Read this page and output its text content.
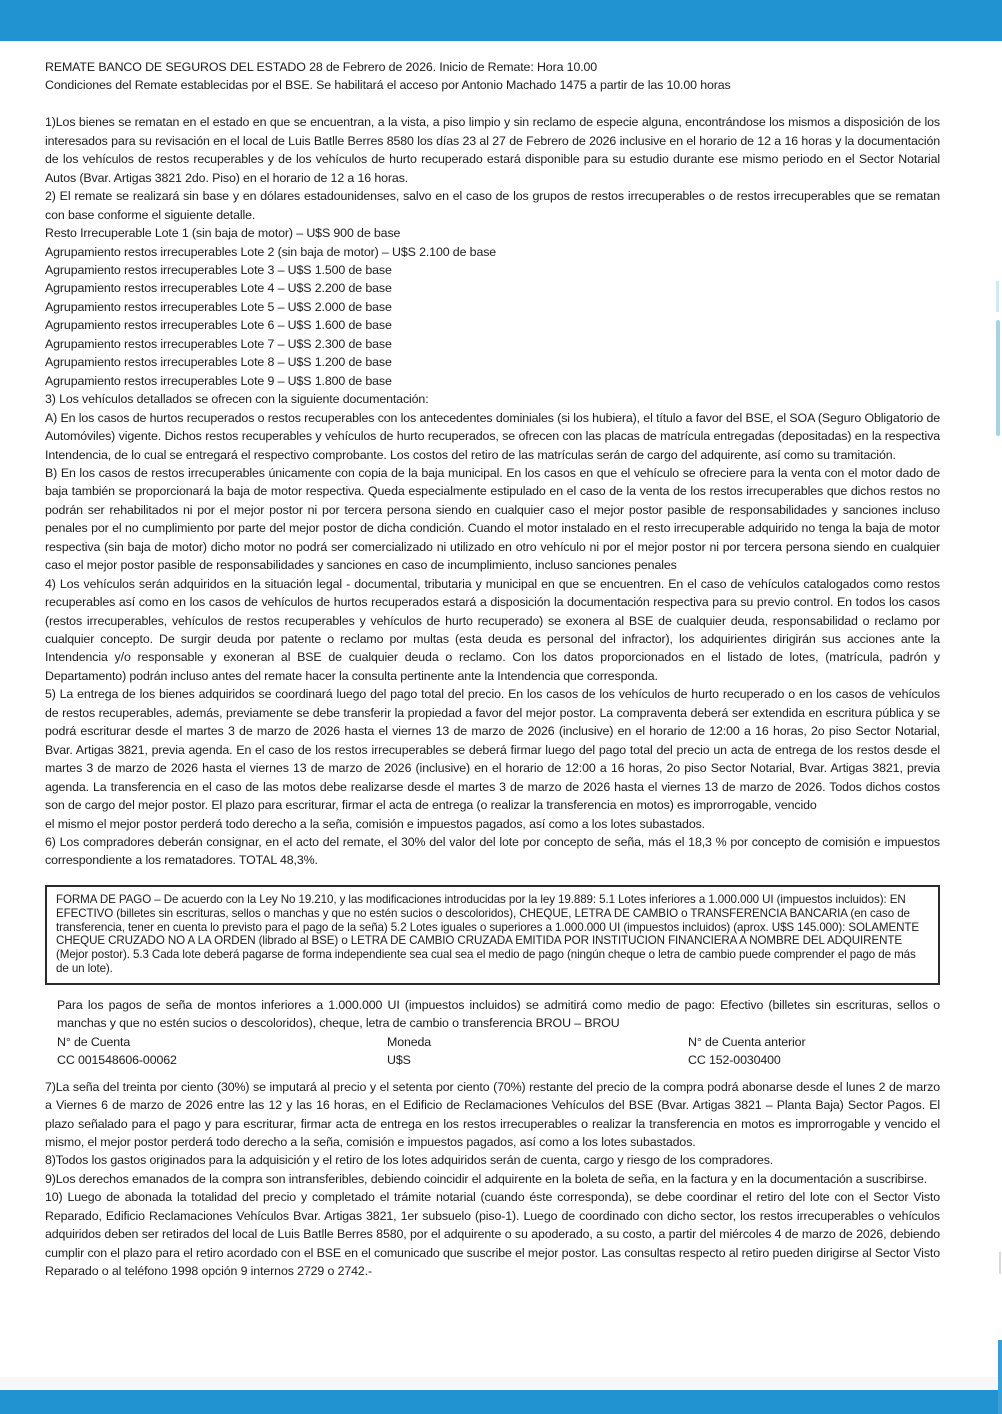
REMATE BANCO DE SEGUROS DEL ESTADO 28 de Febrero de 2026. Inicio de Remate: Hora 10.00
Condiciones del Remate establecidas por el BSE. Se habilitará el acceso por Antonio Machado 1475 a partir de las 10.00 horas
1)Los bienes se rematan en el estado en que se encuentran, a la vista, a piso limpio y sin reclamo de especie alguna, encontrándose los mismos a disposición de los interesados para su revisación en el local de Luis Batlle Berres 8580 los días 23 al 27 de Febrero de 2026 inclusive en el horario de 12 a 16 horas y la documentación de los vehículos de restos recuperables y de los vehículos de hurto recuperado estará disponible para su estudio durante ese mismo periodo en el Sector Notarial Autos (Bvar. Artigas 3821 2do. Piso) en el horario de 12 a 16 horas.
2) El remate se realizará sin base y en dólares estadounidenses, salvo en el caso de los grupos de restos irrecuperables o de restos irrecuperables que se rematan con base conforme el siguiente detalle.
Resto Irrecuperable Lote 1 (sin baja de motor) – U$S 900 de base
Agrupamiento restos irrecuperables Lote 2 (sin baja de motor) – U$S 2.100 de base
Agrupamiento restos irrecuperables Lote 3 – U$S 1.500 de base
Agrupamiento restos irrecuperables Lote 4 – U$S 2.200 de base
Agrupamiento restos irrecuperables Lote 5 – U$S 2.000 de base
Agrupamiento restos irrecuperables Lote 6 – U$S 1.600 de base
Agrupamiento restos irrecuperables Lote 7 – U$S 2.300 de base
Agrupamiento restos irrecuperables Lote 8 – U$S 1.200 de base
Agrupamiento restos irrecuperables Lote 9 – U$S 1.800 de base
3) Los vehículos detallados se ofrecen con la siguiente documentación:
A) En los casos de hurtos recuperados o restos recuperables con los antecedentes dominiales (si los hubiera), el título a favor del BSE, el SOA (Seguro Obligatorio de Automóviles) vigente. Dichos restos recuperables y vehículos de hurto recuperados, se ofrecen con las placas de matrícula entregadas (depositadas) en la respectiva Intendencia, de lo cual se entregará el respectivo comprobante. Los costos del retiro de las matrículas serán de cargo del adquirente, así como su tramitación.
B) En los casos de restos irrecuperables únicamente con copia de la baja municipal. En los casos en que el vehículo se ofreciere para la venta con el motor dado de baja también se proporcionará la baja de motor respectiva. Queda especialmente estipulado en el caso de la venta de los restos irrecuperables que dichos restos no podrán ser rehabilitados ni por el mejor postor ni por tercera persona siendo en cualquier caso el mejor postor pasible de responsabilidades y sanciones incluso penales por el no cumplimiento por parte del mejor postor de dicha condición. Cuando el motor instalado en el resto irrecuperable adquirido no tenga la baja de motor respectiva (sin baja de motor) dicho motor no podrá ser comercializado ni utilizado en otro vehículo ni por el mejor postor ni por tercera persona siendo en cualquier caso el mejor postor pasible de responsabilidades y sanciones en caso de incumplimiento, incluso sanciones penales
4) Los vehículos serán adquiridos en la situación legal - documental, tributaria y municipal en que se encuentren. En el caso de vehículos catalogados como restos recuperables así como en los casos de vehículos de hurtos recuperados estará a disposición la documentación respectiva para su previo control. En todos los casos (restos irrecuperables, vehículos de restos recuperables y vehículos de hurto recuperado) se exonera al BSE de cualquier deuda, responsabilidad o reclamo por cualquier concepto. De surgir deuda por patente o reclamo por multas (esta deuda es personal del infractor), los adquirientes dirigirán sus acciones ante la Intendencia y/o responsable y exoneran al BSE de cualquier deuda o reclamo. Con los datos proporcionados en el listado de lotes, (matrícula, padrón y Departamento) podrán incluso antes del remate hacer la consulta pertinente ante la Intendencia que corresponda.
5) La entrega de los bienes adquiridos se coordinará luego del pago total del precio. En los casos de los vehículos de hurto recuperado o en los casos de vehículos de restos recuperables, además, previamente se debe transferir la propiedad a favor del mejor postor. La compraventa deberá ser extendida en escritura pública y se podrá escriturar desde el martes 3 de marzo de 2026 hasta el viernes 13 de marzo de 2026 (inclusive) en el horario de 12:00 a 16 horas, 2o piso Sector Notarial, Bvar. Artigas 3821, previa agenda. En el caso de los restos irrecuperables se deberá firmar luego del pago total del precio un acta de entrega de los restos desde el martes 3 de marzo de 2026 hasta el viernes 13 de marzo de 2026 (inclusive) en el horario de 12:00 a 16 horas, 2o piso Sector Notarial, Bvar. Artigas 3821, previa agenda. La transferencia en el caso de las motos debe realizarse desde el martes 3 de marzo de 2026 hasta el viernes 13 de marzo de 2026. Todos dichos costos son de cargo del mejor postor. El plazo para escriturar, firmar el acta de entrega (o realizar la transferencia en motos) es improrrogable, vencido
el mismo el mejor postor perderá todo derecho a la seña, comisión e impuestos pagados, así como a los lotes subastados.
6) Los compradores deberán consignar, en el acto del remate, el 30% del valor del lote por concepto de seña, más el 18,3 % por concepto de comisión e impuestos correspondiente a los rematadores. TOTAL 48,3%.
FORMA DE PAGO – De acuerdo con la Ley No 19.210, y las modificaciones introducidas por la ley 19.889: 5.1 Lotes inferiores a 1.000.000 UI (impuestos incluidos): EN EFECTIVO (billetes sin escrituras, sellos o manchas y que no estén sucios o descoloridos), CHEQUE, LETRA DE CAMBIO o TRANSFERENCIA BANCARIA (en caso de transferencia, tener en cuenta lo previsto para el pago de la seña) 5.2 Lotes iguales o superiores a 1.000.000 UI (impuestos incluidos) (aprox. U$S 145.000): SOLAMENTE CHEQUE CRUZADO NO A LA ORDEN (librado al BSE) o LETRA DE CAMBIO CRUZADA EMITIDA POR INSTITUCION FINANCIERA A NOMBRE DEL ADQUIRENTE (Mejor postor). 5.3 Cada lote deberá pagarse de forma independiente sea cual sea el medio de pago (ningún cheque o letra de cambio puede comprender el pago de más de un lote).
Para los pagos de seña de montos inferiores a 1.000.000 UI (impuestos incluidos) se admitirá como medio de pago: Efectivo (billetes sin escrituras, sellos o manchas y que no estén sucios o descoloridos), cheque, letra de cambio o transferencia BROU – BROU
N° de Cuenta
CC 001548606-00062
Moneda
U$S
N° de Cuenta anterior
CC 152-0030400
7)La seña del treinta por ciento (30%) se imputará al precio y el setenta por ciento (70%) restante del precio de la compra podrá abonarse desde el lunes 2 de marzo a Viernes 6 de marzo de 2026 entre las 12 y las 16 horas, en el Edificio de Reclamaciones Vehículos del BSE (Bvar. Artigas 3821 – Planta Baja) Sector Pagos. El plazo señalado para el pago y para escriturar, firmar acta de entrega en los restos irrecuperables o realizar la transferencia en motos es improrrogable y vencido el mismo, el mejor postor perderá todo derecho a la seña, comisión e impuestos pagados, así como a los lotes subastados.
8)Todos los gastos originados para la adquisición y el retiro de los lotes adquiridos serán de cuenta, cargo y riesgo de los compradores.
9)Los derechos emanados de la compra son intransferibles, debiendo coincidir el adquirente en la boleta de seña, en la factura y en la documentación a suscribirse.
10) Luego de abonada la totalidad del precio y completado el trámite notarial (cuando éste corresponda), se debe coordinar el retiro del lote con el Sector Visto Reparado, Edificio Reclamaciones Vehículos Bvar. Artigas 3821, 1er subsuelo (piso-1). Luego de coordinado con dicho sector, los restos irrecuperables o vehículos adquiridos deben ser retirados del local de Luis Batlle Berres 8580, por el adquirente o su apoderado, a su costo, a partir del miércoles 4 de marzo de 2026, debiendo cumplir con el plazo para el retiro acordado con el BSE en el comunicado que suscribe el mejor postor. Las consultas respecto al retiro pueden dirigirse al Sector Visto Reparado o al teléfono 1998 opción 9 internos 2729 o 2742.-
